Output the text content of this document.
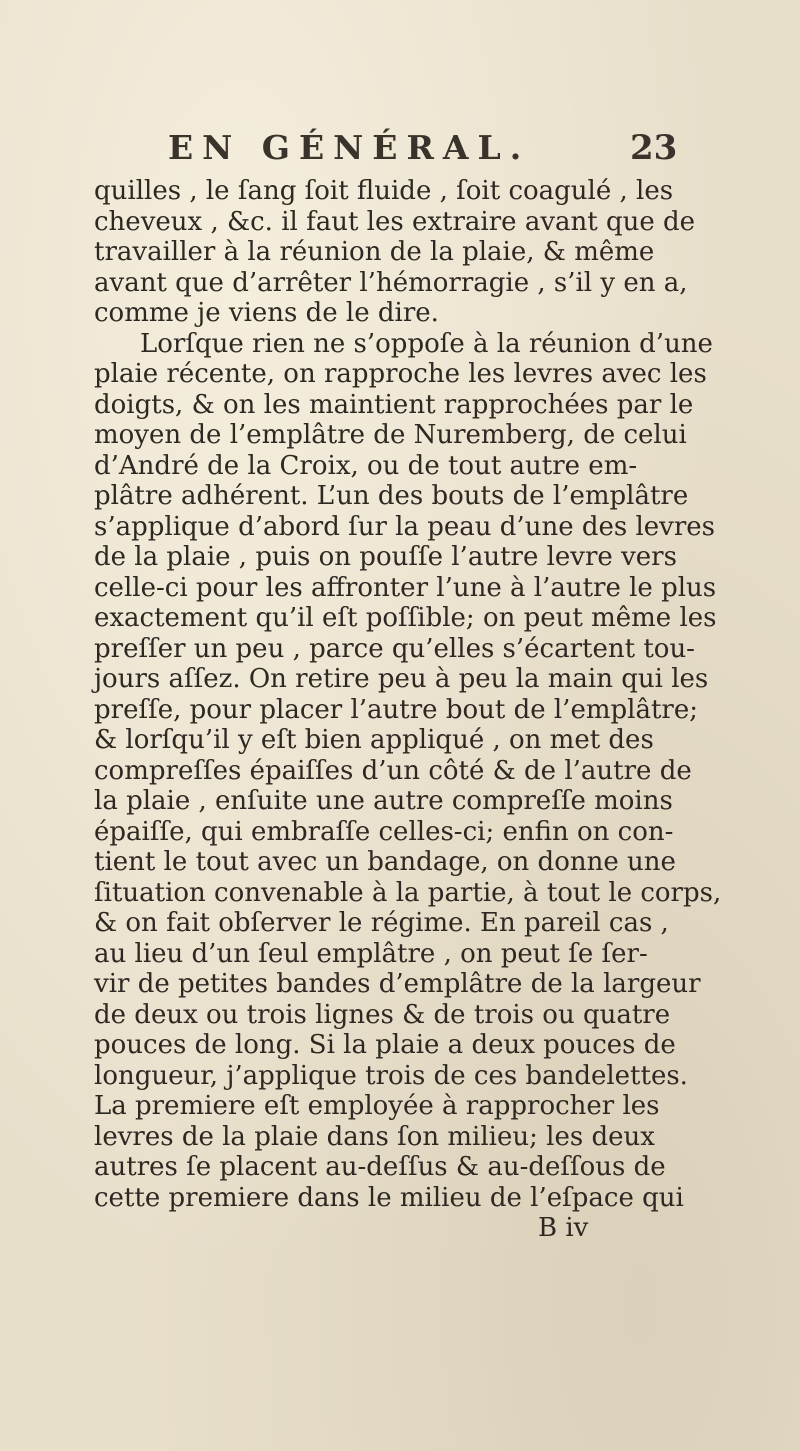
EN GÉNÉRAL.	23
quilles , le ſang ſoit fluide , ſoit coagulé , les
cheveux , &c. il faut les extraire avant que de
travailler à la réunion de la plaie, & même
avant que d’arrêter l’hémorragie , s’il y en a,
comme je viens de le dire.
Lorſque rien ne s’oppoſe à la réunion d’une
plaie récente, on rapproche les levres avec les
doigts, & on les maintient rapprochées par le
moyen de l’emplâtre de Nuremberg, de celui
d’André de la Croix, ou de tout autre em-
plâtre adhérent. L’un des bouts de l’emplâtre
s’applique d’abord ſur la peau d’une des levres
de la plaie , puis on pouſſe l’autre levre vers
celle-ci pour les affronter l’une à l’autre le plus
exactement qu’il eſt poſſible; on peut même les
preſſer un peu , parce qu’elles s’écartent tou-
jours aſſez. On retire peu à peu la main qui les
preſſe, pour placer l’autre bout de l’emplâtre;
& lorſqu’il y eſt bien appliqué , on met des
compreſſes épaiſſes d’un côté & de l’autre de
la plaie , enſuite une autre compreſſe moins
épaiſſe, qui embraſſe celles-ci; enfin on con-
tient le tout avec un bandage, on donne une
ſituation convenable à la partie, à tout le corps,
& on fait obſerver le régime. En pareil cas ,
au lieu d’un ſeul emplâtre , on peut ſe ſer-
vir de petites bandes d’emplâtre de la largeur
de deux ou trois lignes & de trois ou quatre
pouces de long. Si la plaie a deux pouces de
longueur, j’applique trois de ces bandelettes.
La premiere eſt employée à rapprocher les
levres de la plaie dans ſon milieu; les deux
autres ſe placent au-deſſus & au-deſſous de
cette premiere dans le milieu de l’eſpace qui
B iv
